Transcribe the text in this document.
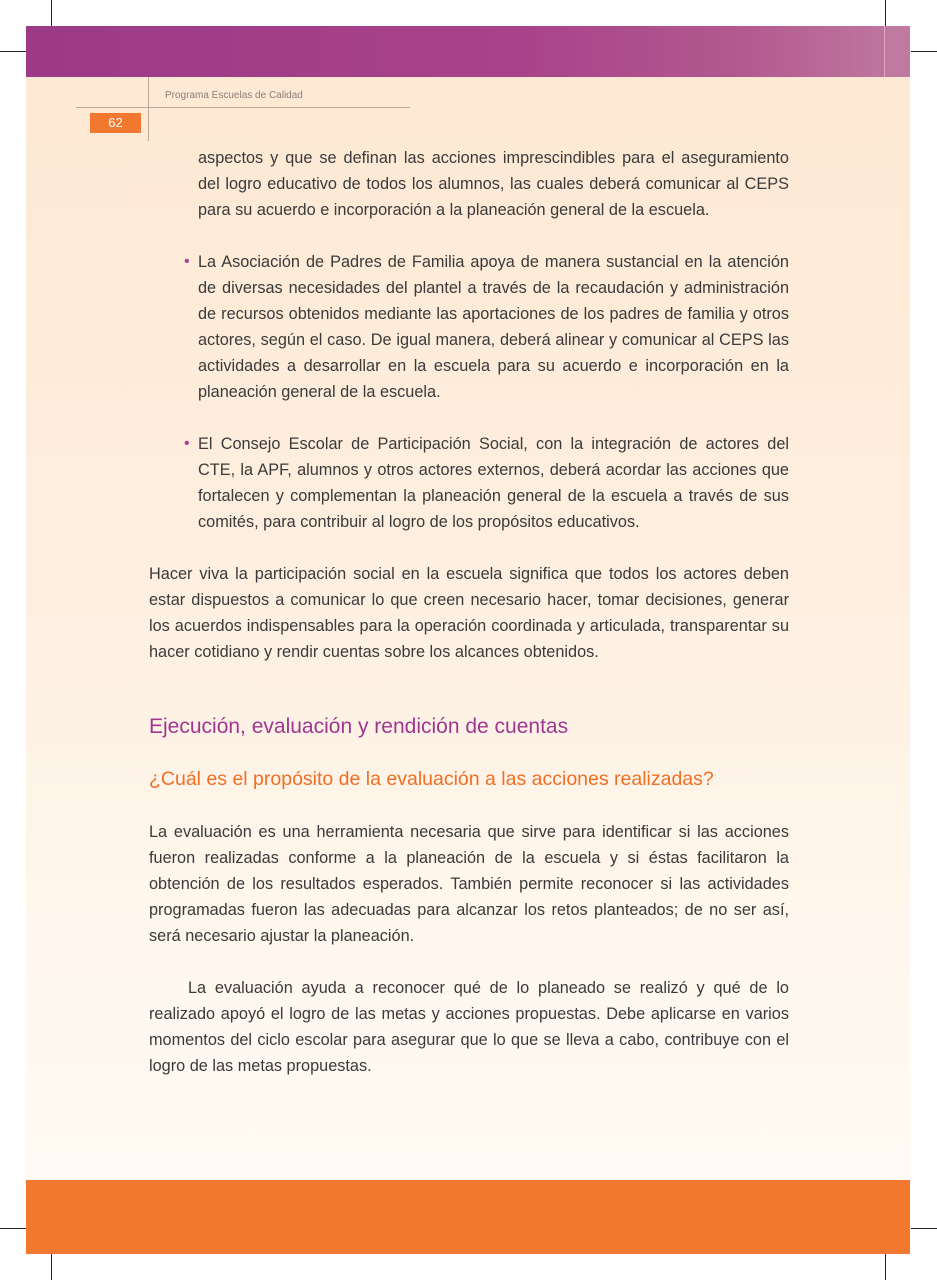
Programa Escuelas de Calidad
62

aspectos y que se definan las acciones imprescindibles para el aseguramiento del logro educativo de todos los alumnos, las cuales deberá comunicar al CEPS para su acuerdo e incorporación a la planeación general de la escuela.

• La Asociación de Padres de Familia apoya de manera sustancial en la atención de diversas necesidades del plantel a través de la recaudación y administración de recursos obtenidos mediante las aportaciones de los padres de familia y otros actores, según el caso. De igual manera, deberá alinear y comunicar al CEPS las actividades a desarrollar en la escuela para su acuerdo e incorporación en la planeación general de la escuela.
• El Consejo Escolar de Participación Social, con la integración de actores del CTE, la APF, alumnos y otros actores externos, deberá acordar las acciones que fortalecen y complementan la planeación general de la escuela a través de sus comités, para contribuir al logro de los propósitos educativos.

Hacer viva la participación social en la escuela significa que todos los actores deben estar dispuestos a comunicar lo que creen necesario hacer, tomar decisiones, generar los acuerdos indispensables para la operación coordinada y articulada, transparentar su hacer cotidiano y rendir cuentas sobre los alcances obtenidos.

Ejecución, evaluación y rendición de cuentas
¿Cuál es el propósito de la evaluación a las acciones realizadas?

La evaluación es una herramienta necesaria que sirve para identificar si las acciones fueron realizadas conforme a la planeación de la escuela y si éstas facilitaron la obtención de los resultados esperados. También permite reconocer si las actividades programadas fueron las adecuadas para alcanzar los retos planteados; de no ser así, será necesario ajustar la planeación.

La evaluación ayuda a reconocer qué de lo planeado se realizó y qué de lo realizado apoyó el logro de las metas y acciones propuestas. Debe aplicarse en varios momentos del ciclo escolar para asegurar que lo que se lleva a cabo, contribuye con el logro de las metas propuestas.
